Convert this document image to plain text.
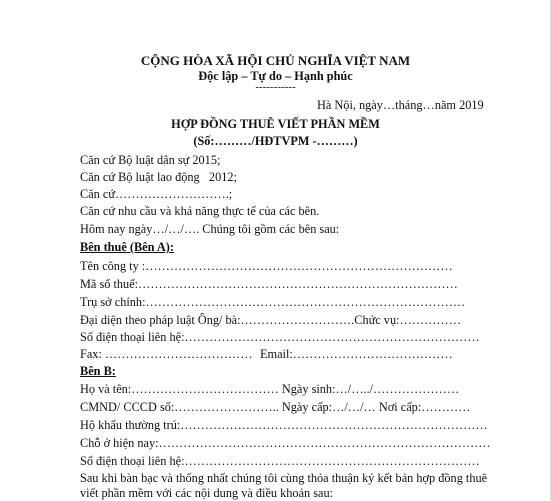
CỘNG HÒA XÃ HỘI CHỦ NGHĨA VIỆT NAM
Độc lập – Tự do – Hạnh phúc
-----------
Hà Nội, ngày…tháng…năm 2019
HỢP ĐỒNG THUÊ VIẾT PHẦN MỀM
(Số:………/HĐTVPM -………)
Căn cứ Bộ luật dân sự 2015;
Căn cứ Bộ luật lao động   2012;
Căn cứ……………………….;
Căn cứ nhu cầu và khả năng thực tế của các bên.
Hôm nay ngày…/…/…. Chúng tôi gồm các bên sau:
Bên thuê (Bên A):
Tên công ty :…………………………………………………………………
Mã số thuế:……………………………………………………………………
Trụ sở chính:……………………………………………………………………
Đại diện theo pháp luật Ông/ bà:……………………….Chức vụ:……………
Số điện thoại liên hệ:………………………………………………………………
Fax: ……………………………… Email:…………………………………
Bên B:
Họ và tên:……………………………… Ngày sinh:…/…../…………………
CMND/ CCCD số:…………………….. Ngày cấp:…/…/… Nơi cấp:…………
Hộ khẩu thường trú:…………………………………………………………………
Chỗ ở hiện nay:………………………………………………………………………
Số điện thoại liên hệ:………………………………………………………………
Sau khi bàn bạc và thống nhất chúng tôi cùng thỏa thuận ký kết bản hợp đồng thuê
viết phần mềm với các nội dung và điều khoản sau:
